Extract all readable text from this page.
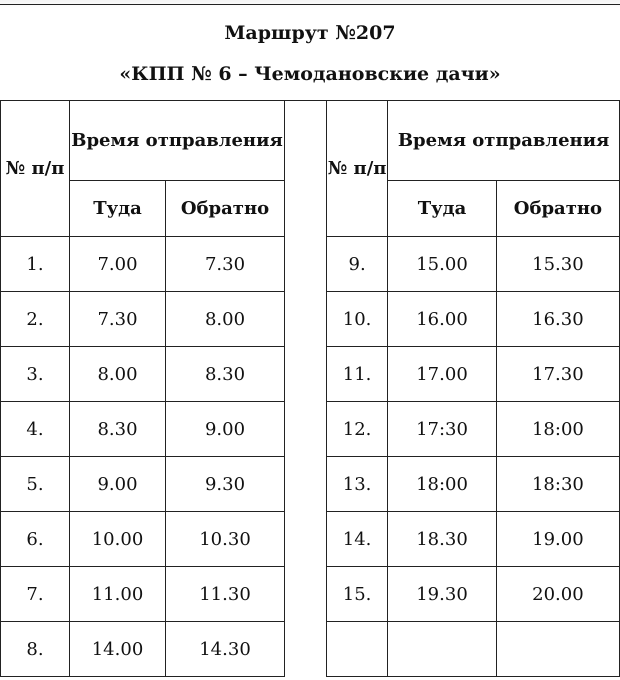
Маршрут №207
«КПП № 6 – Чемодановские дачи»
№ п/п	Время отправления	
	Туда	Обратно
1.	7.00	7.30
2.	7.30	8.00
3.	8.00	8.30
4.	8.30	9.00
5.	9.00	9.30
6.	10.00	10.30
7.	11.00	11.30
8.	14.00	14.30
№ п/п	Время отправления	
	Туда	Обратно
9.	15.00	15.30
10.	16.00	16.30
11.	17.00	17.30
12.	17:30	18:00
13.	18:00	18:30
14.	18.30	19.00
15.	19.30	20.00
